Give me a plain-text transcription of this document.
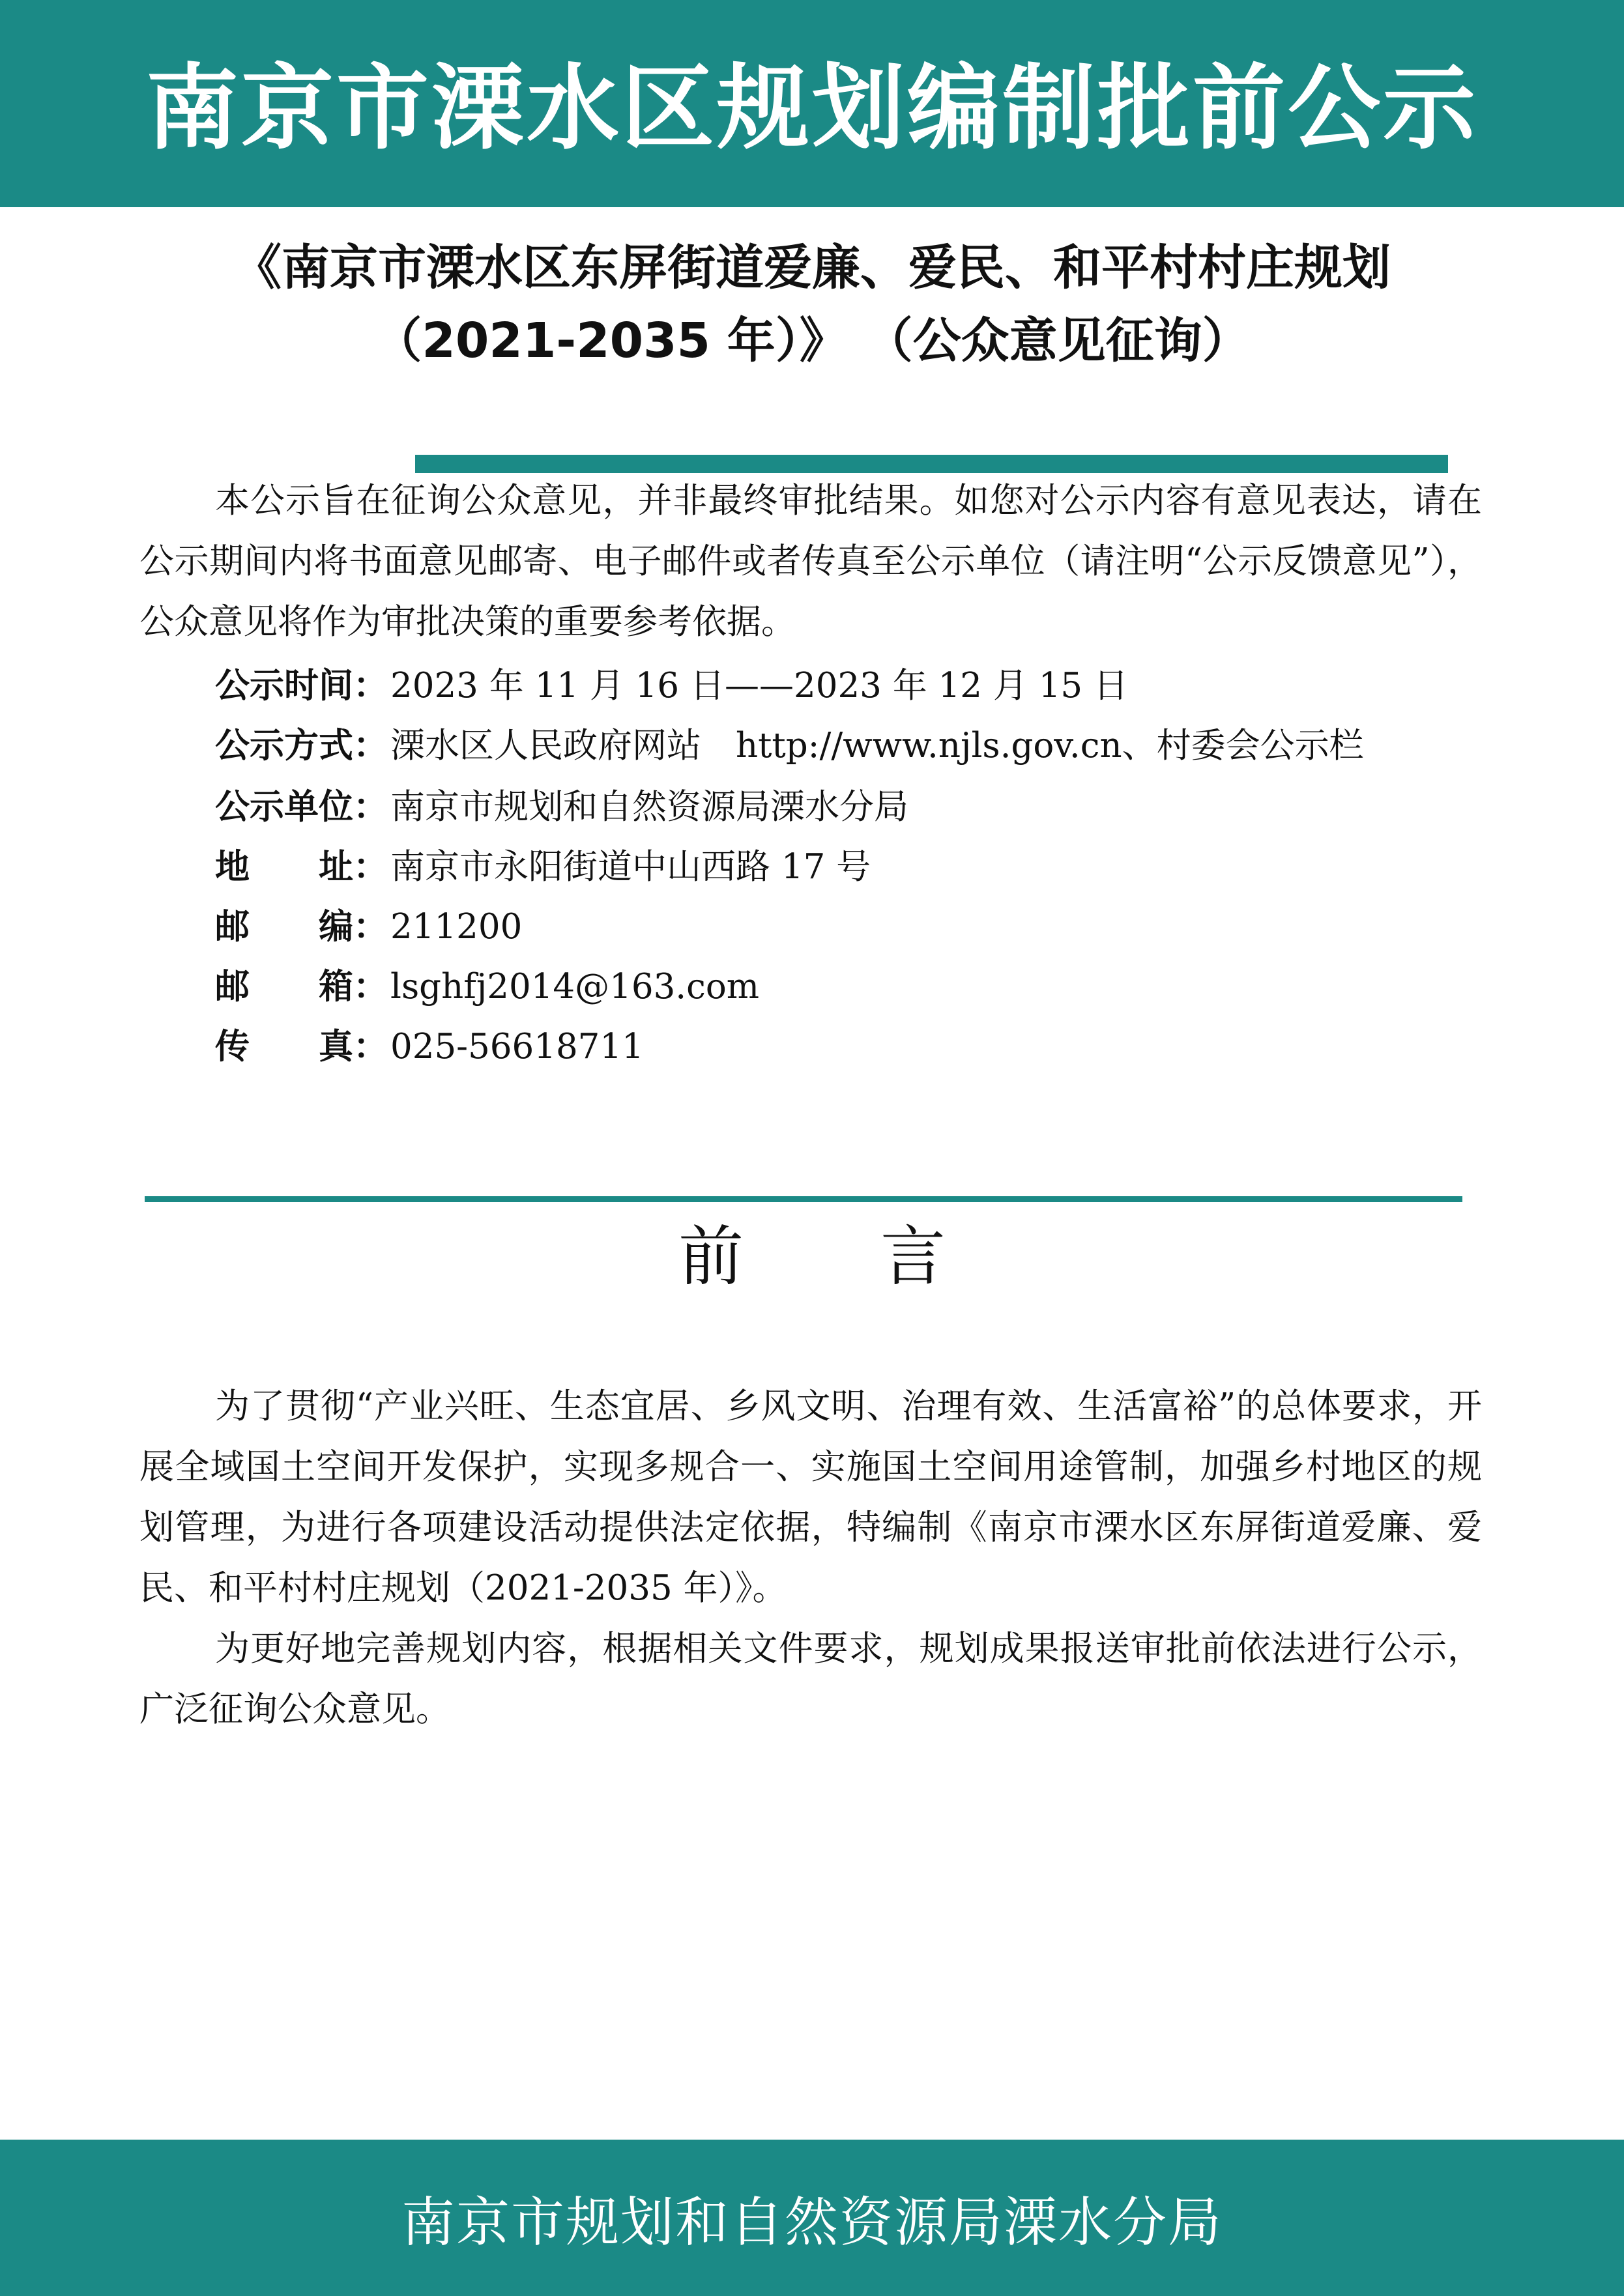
南京市溧水区规划编制批前公示
《南京市溧水区东屏街道爱廉、爱民、和平村村庄规划
（2021-2035 年）》 （公众意见征询）

本公示旨在征询公众意见，并非最终审批结果。如您对公示内容有意见表达，请在公示期间内将书面意见邮寄、电子邮件或者传真至公示单位（请注明“公示反馈意见”），公众意见将作为审批决策的重要参考依据。

公示时间： 2023 年 11 月 16 日——2023 年 12 月 15 日
公示方式： 溧水区人民政府网站　http://www.njls.gov.cn、村委会公示栏
公示单位： 南京市规划和自然资源局溧水分局
地 址： 南京市永阳街道中山西路 17 号
邮 编： 211200
邮 箱： lsghfj2014@163.com
传 真： 025-56618711
前言

为了贯彻“产业兴旺、生态宜居、乡风文明、治理有效、生活富裕”的总体要求，开展全域国土空间开发保护，实现多规合一、实施国土空间用途管制，加强乡村地区的规划管理，为进行各项建设活动提供法定依据，特编制《南京市溧水区东屏街道爱廉、爱民、和平村村庄规划（2021-2035 年）》。

为更好地完善规划内容，根据相关文件要求，规划成果报送审批前依法进行公示，广泛征询公众意见。

南京市规划和自然资源局溧水分局
